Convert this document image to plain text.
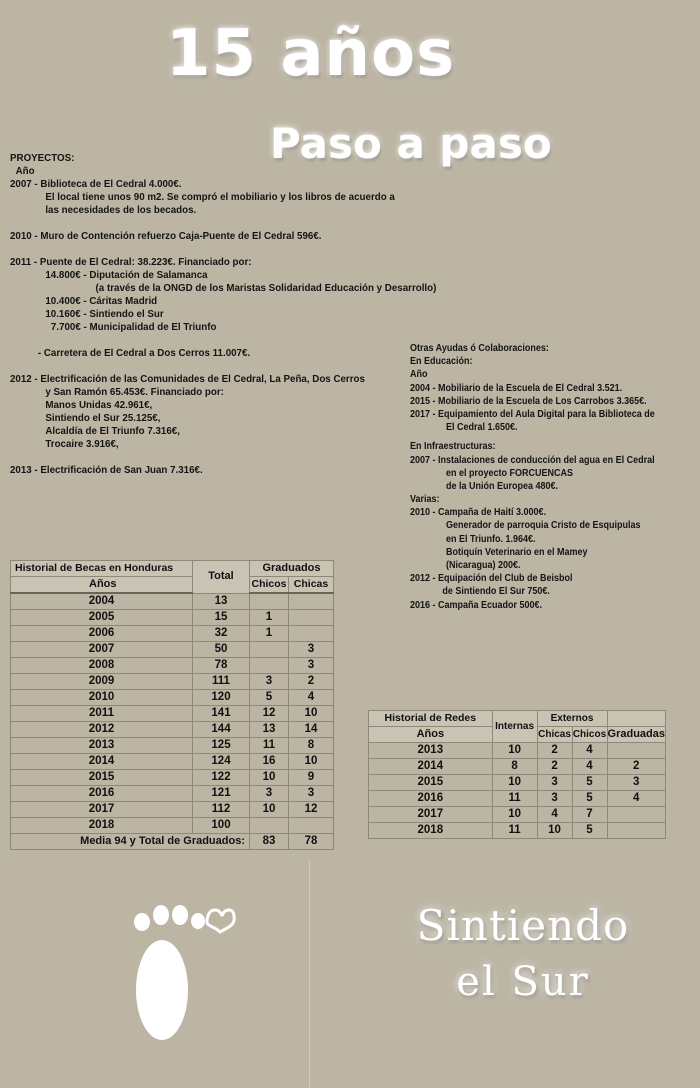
15 años
Paso a paso
PROYECTOS:
Año
2007 - Biblioteca de El Cedral 4.000€.
El local tiene unos 90 m2. Se compró el mobiliario y los libros de acuerdo a
las necesidades de los becados.
2010 - Muro de Contención refuerzo Caja-Puente de El Cedral 596€.
2011 - Puente de El Cedral: 38.223€. Financiado por:
14.800€ - Diputación de Salamanca
(a través de la ONGD de los Maristas Solidaridad Educación y Desarrollo)
10.400€ - Cáritas Madrid
10.160€ - Sintiendo el Sur
7.700€ - Municipalidad de El Triunfo
- Carretera de El Cedral a Dos Cerros 11.007€.
2012 - Electrificación de las Comunidades de El Cedral, La Peña, Dos Cerros
y San Ramón 65.453€. Financiado por:
Manos Unidas 42.961€,
Sintiendo el Sur 25.125€,
Alcaldía de El Triunfo 7.316€,
Trocaire 3.916€,
2013 - Electrificación de San Juan 7.316€.
Otras Ayudas ó Colaboraciones:
En Educación:
Año
2004 - Mobiliario de la Escuela de El Cedral 3.521.
2015 - Mobiliario de la Escuela de Los Carrobos 3.365€.
2017 - Equipamiento del Aula Digital para la Biblioteca de
El Cedral 1.650€.
En Infraestructuras:
2007 - Instalaciones de conducción del agua en El Cedral
en el proyecto FORCUENCAS
de la Unión Europea 480€.
Varias:
2010 - Campaña de Haití 3.000€.
Generador de parroquia Cristo de Esquipulas
en El Triunfo. 1.964€.
Botiquín Veterinario en el Mamey
(Nicaragua) 200€.
2012 - Equipación del Club de Beisbol
de Sintiendo El Sur 750€.
2016 - Campaña Ecuador 500€.
Historial de Becas en Honduras	Total	Graduados	
Años		Chicos	Chicas
2004	13		
2005	15	1	
2006	32	1	
2007	50		3
2008	78		3
2009	111	3	2
2010	120	5	4
2011	141	12	10
2012	144	13	14
2013	125	11	8
2014	124	16	10
2015	122	10	9
2016	121	3	3
2017	112	10	12
2018	100		
Media 94 y Total de Graduados:		83	78
Historial de Redes	Internas	Externos		
Años		Chicas	Chicos	Graduadas
2013	10	2	4	
2014	8	2	4	2
2015	10	3	5	3
2016	11	3	5	4
2017	10	4	7	
2018	11	10	5	
Sintiendo
el Sur
